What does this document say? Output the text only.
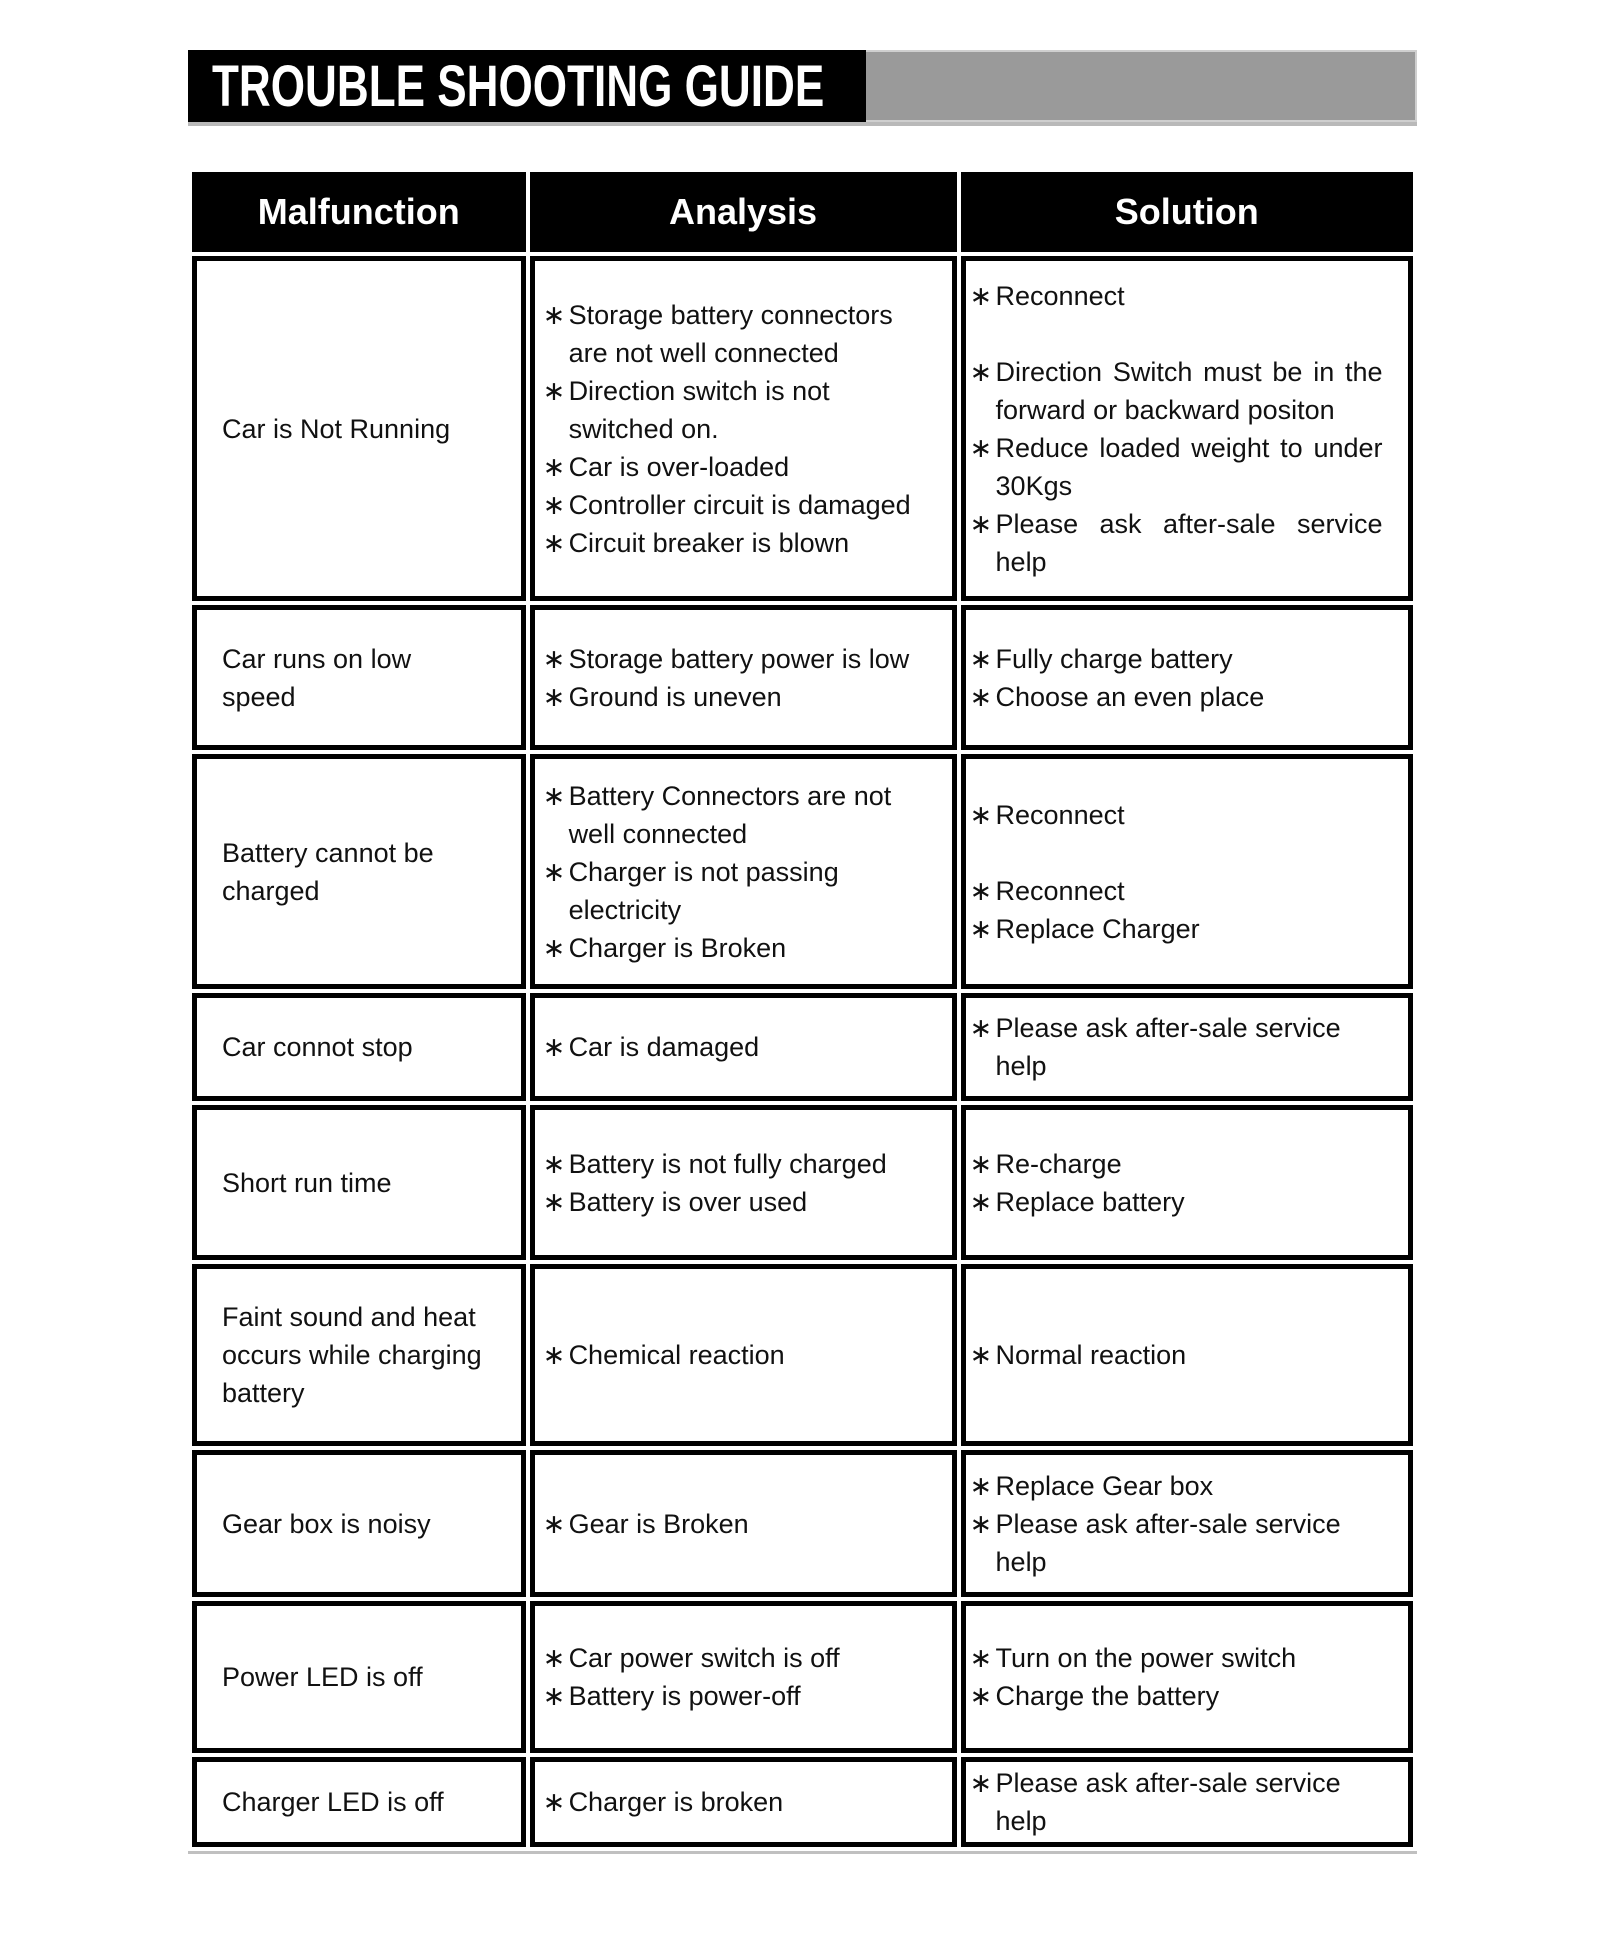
TROUBLE SHOOTING GUIDE
Malfunction	Analysis	Solution

Car is Not Running

∗ Storage battery connectors are not well connected
∗ Direction switch is not switched on.
∗ Car is over-loaded
∗ Controller circuit is damaged
∗ Circuit breaker is blown

∗ Reconnect
∗ Direction Switch must be in the forward or backward positon
∗ Reduce loaded weight to under 30Kgs
∗ Please ask after-sale service help

Car runs on low speed

∗ Storage battery power is low
∗ Ground is uneven

∗ Fully charge battery
∗ Choose an even place

Battery cannot be charged

∗ Battery Connectors are not well connected
∗ Charger is not passing electricity
∗ Charger is Broken

∗ Reconnect
∗ Reconnect
∗ Replace Charger

Car connot stop	∗ Car is damaged	∗ Please ask after-sale service help

Short run time

∗ Battery is not fully charged
∗ Battery is over used

∗ Re-charge
∗ Replace battery

Faint sound and heat occurs while charging battery	∗ Chemical reaction	∗ Normal reaction

Gear box is noisy	∗ Gear is Broken

∗ Replace Gear box
∗ Please ask after-sale service help

Power LED is off

∗ Car power switch is off
∗ Battery is power-off

∗ Turn on the power switch
∗ Charge the battery

Charger LED is off	∗ Charger is broken	∗ Please ask after-sale service help
